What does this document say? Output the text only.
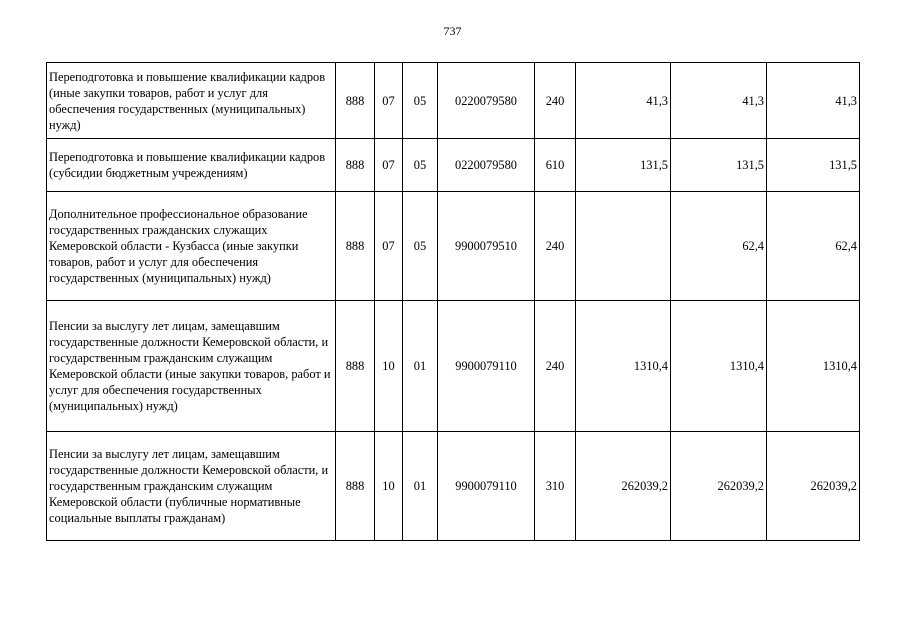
737
Переподготовка и повышение квалификации кадров (иные закупки товаров, работ и услуг для обеспечения государственных (муниципальных) нужд)	888	07	05	0220079580	240	41,3	41,3	41,3
Переподготовка и повышение квалификации кадров (субсидии бюджетным учреждениям)	888	07	05	0220079580	610	131,5	131,5	131,5
Дополнительное профессиональное образование государственных гражданских служащих Кемеровской области - Кузбасса (иные закупки товаров, работ и услуг для обеспечения государственных (муниципальных) нужд)	888	07	05	9900079510	240		62,4	62,4
Пенсии за выслугу лет лицам, замещавшим государственные должности Кемеровской области, и государственным гражданским служащим Кемеровской области (иные закупки товаров, работ и услуг для обеспечения государственных (муниципальных) нужд)	888	10	01	9900079110	240	1310,4	1310,4	1310,4
Пенсии за выслугу лет лицам, замещавшим государственные должности Кемеровской области, и государственным гражданским служащим Кемеровской области (публичные нормативные социальные выплаты гражданам)	888	10	01	9900079110	310	262039,2	262039,2	262039,2
